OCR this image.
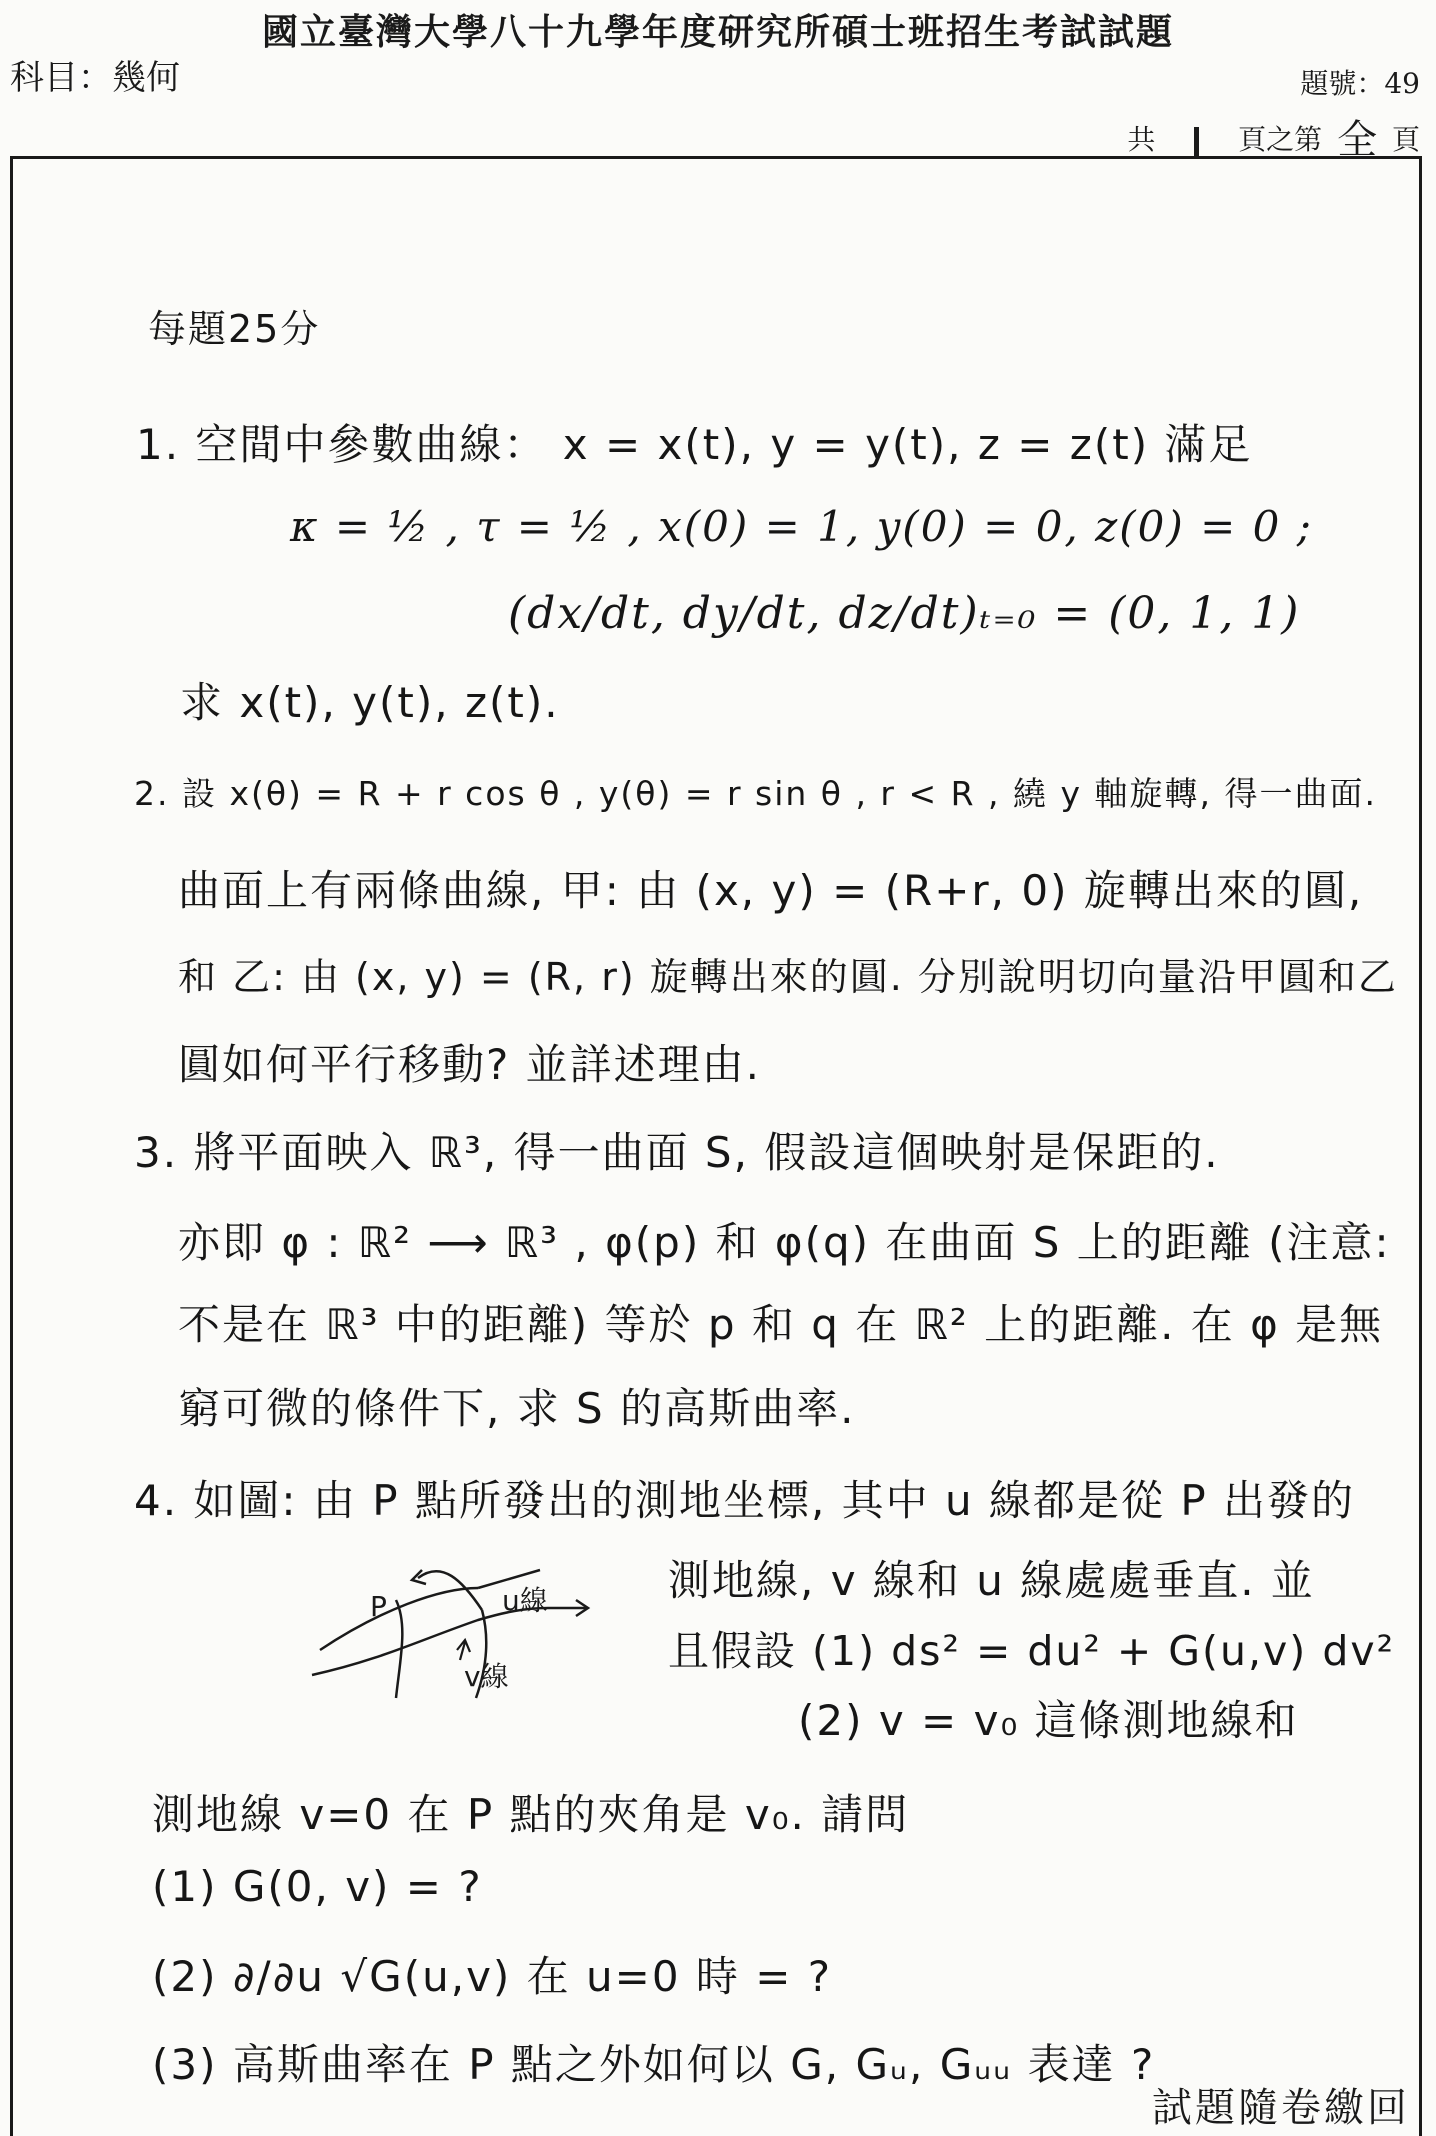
國立臺灣大學八十九學年度研究所碩士班招生考試試題
科目：幾何	題號：49
共	頁之第 全 頁
每題25分
1. 空間中參數曲線： x = x(t), y = y(t), z = z(t) 滿足
κ = ½ , τ = ½ , x(0) = 1, y(0) = 0, z(0) = 0 ;
(dx/dt, dy/dt, dz/dt)ₜ₌₀ = (0, 1, 1)
求 x(t), y(t), z(t).
2. 設 x(θ) = R + r cos θ , y(θ) = r sin θ , r < R , 繞 y 軸旋轉, 得一曲面.
曲面上有兩條曲線, 甲: 由 (x, y) = (R+r, 0) 旋轉出來的圓,
和 乙: 由 (x, y) = (R, r) 旋轉出來的圓. 分別說明切向量沿甲圓和乙
圓如何平行移動? 並詳述理由.
3. 將平面映入 ℝ³, 得一曲面 S, 假設這個映射是保距的.
亦即 φ : ℝ² ⟶ ℝ³ , φ(p) 和 φ(q) 在曲面 S 上的距離 (注意:
不是在 ℝ³ 中的距離) 等於 p 和 q 在 ℝ² 上的距離. 在 φ 是無
窮可微的條件下, 求 S 的高斯曲率.
4. 如圖: 由 P 點所發出的測地坐標, 其中 u 線都是從 P 出發的
P	u線
v線
測地線, v 線和 u 線處處垂直. 並
且假設 (1) ds² = du² + G(u,v) dv²
(2) v = v₀ 這條測地線和
測地線 v=0 在 P 點的夾角是 v₀. 請問
(1) G(0, v) = ?
(2) ∂/∂u √G(u,v) 在 u=0 時 = ?
(3) 高斯曲率在 P 點之外如何以 G, Gᵤ, Gᵤᵤ 表達 ?
試題隨卷繳回
